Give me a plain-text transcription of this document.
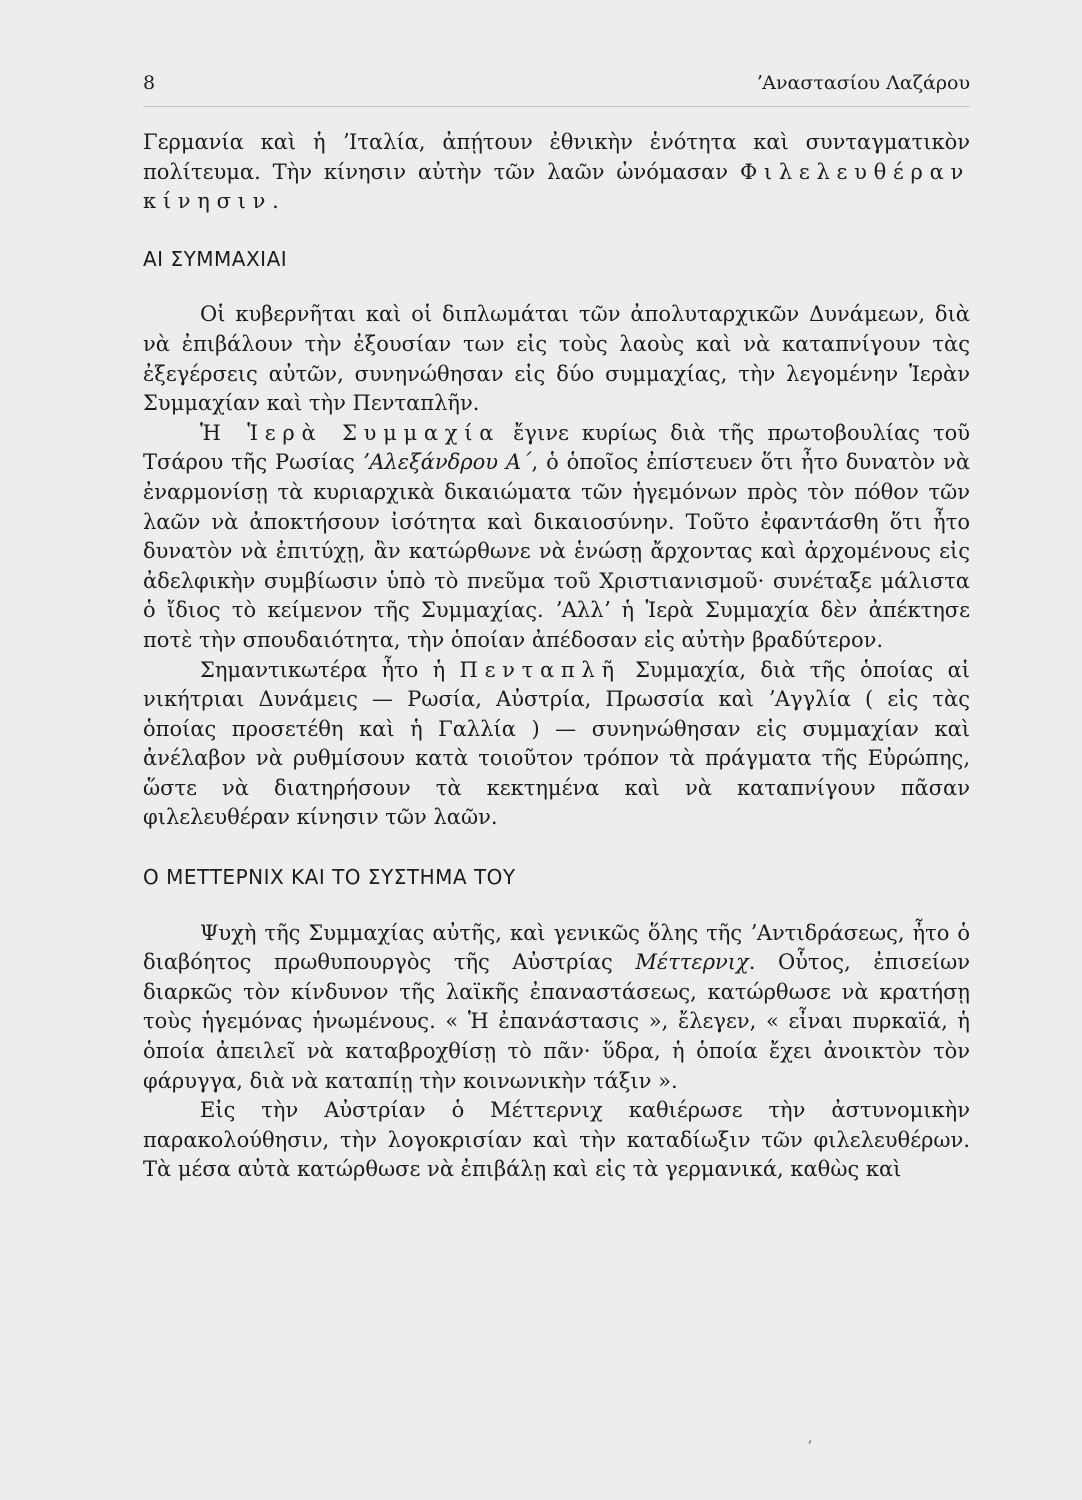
8	ʼΑναστασίου Λαζάρου

Γερμανία καὶ ἡ ʼΙταλία, ἀπῄτουν ἐθνικὴν ἑνότητα καὶ συνταγματικὸν πολίτευμα. Τὴν κίνησιν αὐτὴν τῶν λαῶν ὠνόμασαν Φιλελευθέραν κίνησιν.

ΑΙ ΣΥΜΜΑΧΙΑΙ

Οἱ κυβερνῆται καὶ οἱ διπλωμάται τῶν ἀπολυταρχικῶν Δυνάμεων, διὰ νὰ ἐπιβάλουν τὴν ἐξουσίαν των εἰς τοὺς λαοὺς καὶ νὰ καταπνίγουν τὰς ἐξεγέρσεις αὐτῶν, συνηνώθησαν εἰς δύο συμμαχίας, τὴν λεγομένην Ἱερὰν Συμμαχίαν καὶ τὴν Πενταπλῆν.

Ἡ Ἱερὰ Συμμαχία ἔγινε κυρίως διὰ τῆς πρωτοβουλίας τοῦ Τσάρου τῆς Ρωσίας ʼΑλεξάνδρου Α΄, ὁ ὁποῖος ἐπίστευεν ὅτι ἦτο δυνατὸν νὰ ἐναρμονίσῃ τὰ κυριαρχικὰ δικαιώματα τῶν ἡγεμόνων πρὸς τὸν πόθον τῶν λαῶν νὰ ἀποκτήσουν ἰσότητα καὶ δικαιοσύνην. Τοῦτο ἐφαντάσθη ὅτι ἦτο δυνατὸν νὰ ἐπιτύχῃ, ἂν κατώρθωνε νὰ ἑνώσῃ ἄρχοντας καὶ ἀρχομένους εἰς ἀδελφικὴν συμβίωσιν ὑπὸ τὸ πνεῦμα τοῦ Χριστιανισμοῦ· συνέταξε μάλιστα ὁ ἴδιος τὸ κείμενον τῆς Συμμαχίας. ʼΑλλʼ ἡ Ἱερὰ Συμμαχία δὲν ἀπέκτησε ποτὲ τὴν σπουδαιότητα, τὴν ὁποίαν ἀπέδοσαν εἰς αὐτὴν βραδύτερον.

Σημαντικωτέρα ἦτο ἡ Πενταπλῆ Συμμαχία, διὰ τῆς ὁποίας αἱ νικήτριαι Δυνάμεις — Ρωσία, Αὐστρία, Πρωσσία καὶ ʼΑγγλία ( εἰς τὰς ὁποίας προσετέθη καὶ ἡ Γαλλία ) — συνηνώθησαν εἰς συμμαχίαν καὶ ἀνέλαβον νὰ ρυθμίσουν κατὰ τοιοῦτον τρόπον τὰ πράγματα τῆς Εὐρώπης, ὥστε νὰ διατηρήσουν τὰ κεκτημένα καὶ νὰ καταπνίγουν πᾶσαν φιλελευθέραν κίνησιν τῶν λαῶν.

Ο ΜΕΤΤΕΡΝΙΧ ΚΑΙ ΤΟ ΣΥΣΤΗΜΑ ΤΟΥ

Ψυχὴ τῆς Συμμαχίας αὐτῆς, καὶ γενικῶς ὅλης τῆς ʼΑντιδράσεως, ἦτο ὁ διαβόητος πρωθυπουργὸς τῆς Αὐστρίας Μέττερνιχ. Οὗτος, ἐπισείων διαρκῶς τὸν κίνδυνον τῆς λαϊκῆς ἐπαναστάσεως, κατώρθωσε νὰ κρατήσῃ τοὺς ἡγεμόνας ἡνωμένους. « Ἡ ἐπανάστασις », ἔλεγεν, « εἶναι πυρκαϊά, ἡ ὁποία ἀπειλεῖ νὰ καταβροχθίσῃ τὸ πᾶν· ὕδρα, ἡ ὁποία ἔχει ἀνοικτὸν τὸν φάρυγγα, διὰ νὰ καταπίῃ τὴν κοινωνικὴν τάξιν ».

Εἰς τὴν Αὐστρίαν ὁ Μέττερνιχ καθιέρωσε τὴν ἀστυνομικὴν παρακολούθησιν, τὴν λογοκρισίαν καὶ τὴν καταδίωξιν τῶν φιλελευθέρων. Τὰ μέσα αὐτὰ κατώρθωσε νὰ ἐπιβάλῃ καὶ εἰς τὰ γερμανικά, καθὼς καὶ

,
